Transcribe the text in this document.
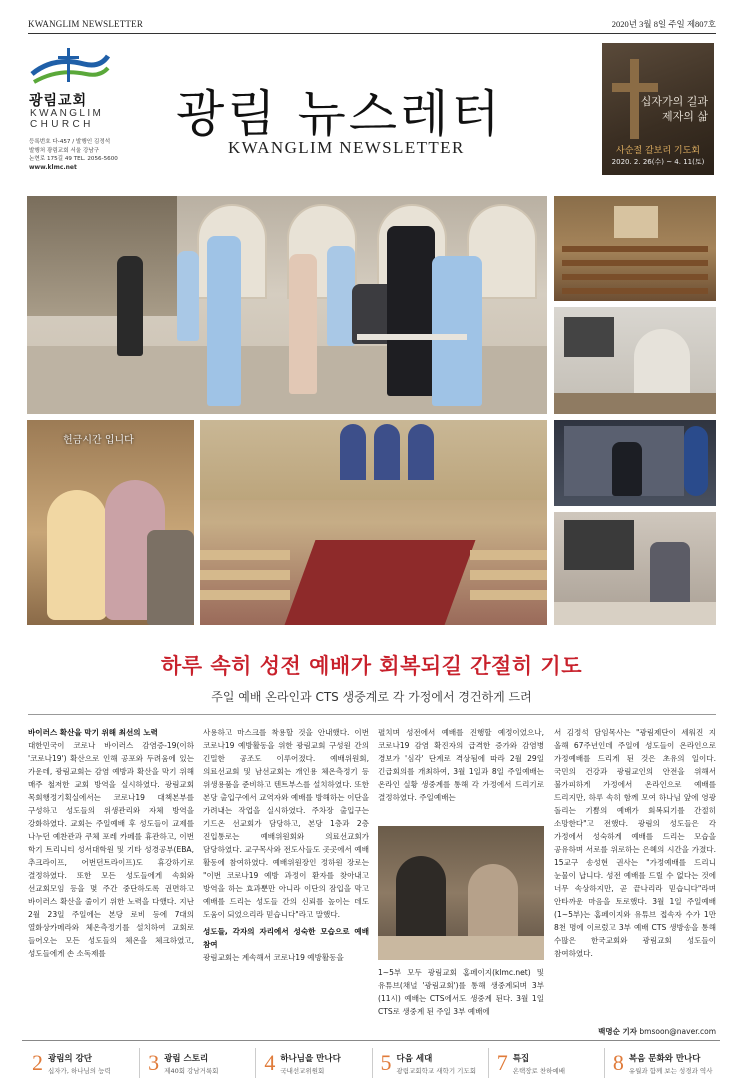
KWANGLIM NEWSLETTER	2020년 3월 8일 주일 제807호
광림교회
KWANGLIM
CHURCH
등록번호 다-457 / 발행인 김정석
발행처 광림교회 서울 강남구
논현로 175길 49 TEL. 2056-5600
www.klmc.net
광림 뉴스레터
KWANGLIM NEWSLETTER
십자가의 길과
제자의 삶
사순절 갈보리 기도회
2020. 2. 26(수) ~ 4. 11(토)
헌금시간 입니다
하루 속히 성전 예배가 회복되길 간절히 기도
주일 예배 온라인과 CTS 생중계로 각 가정에서 경건하게 드려

바이러스 확산을 막기 위해 최선의 노력

대한민국이 코로나 바이러스 감염증-19(이하 '코로나19') 확산으로 인해 공포와 두려움에 있는 가운데, 광림교회는 감염 예방과 확산을 막기 위해 매주 철저한 교회 방역을 실시하였다. 광림교회 목회행정기획실에서는 코로나19 대책본부를 구성하고 성도들의 위생관리와 자체 방역을 강화하였다. 교회는 주일예배 후 성도들이 교제를 나누던 예찬관과 쿠체 포레 카페를 휴관하고, 이번 학기 트리니티 성서대학원 및 기타 성경공부(EBA, 추크라이프, 어번던트라이프)도 휴강하기로 결정하였다. 또한 모든 성도들에게 속회와 선교회모임 등을 몇 주간 중단하도록 권면하고 바이러스 확산을 줄이기 위한 노력을 다했다. 지난 2월 23일 주일에는 본당 로비 등에 7대의 열화상카메라와 체온측정기를 설치하여 교회로 들어오는 모든 성도들의 체온을 체크하였고, 성도들에게 손 소독제를

사용하고 마스크를 착용할 것을 안내했다. 이번 코로나19 예방활동을 위한 광림교회 구성원 간의 긴밀한 공조도 이루어졌다. 예배위원회, 의료선교회 및 남선교회는 개인용 체온측정기 등 위생용품을 준비하고 텐트부스를 설치하였다. 또한 본당 출입구에서 교역자와 예배를 방해하는 이단을 가려내는 작업을 실시하였다. 주차장 출입구는 기드온 선교회가 담당하고, 본당 1층과 2층 진입통로는 예배위원회와 의료선교회가 담당하였다. 교구목사와 전도사들도 곳곳에서 예배 활동에 참여하였다. 예배위원장인 정하원 장로는 "이번 코로나19 예방 과정이 환자를 찾아내고 방역을 하는 효과뿐만 아니라 이단의 잠입을 막고 예배를 드리는 성도들 간의 신뢰를 높이는 데도 도움이 되었으리라 믿습니다"라고 말했다.

성도들, 각자의 자리에서 성숙한 모습으로 예배 참여

광림교회는 계속해서 코로나19 예방활동을

펼치며 성전에서 예배를 진행할 예정이었으나, 코로나19 감염 확진자의 급격한 증가와 감염병 경보가 '심각' 단계로 격상됨에 따라 2월 29일 긴급회의를 개최하여, 3월 1일과 8일 주일예배는 온라인 실황 생중계를 통해 각 가정에서 드리기로 결정하였다. 주일예배는

1~5부 모두 광림교회 홈페이지(klmc.net) 및 유튜브(채널 '광림교회')를 통해 생중계되며 3부(11시) 예배는 CTS에서도 생중계 된다. 3월 1일 CTS로 생중계 된 주일 3부 예배에

서 김정석 담임목사는 "광림제단이 세워진 지 올해 67주년인데 주일에 성도들이 온라인으로 가정예배를 드리게 된 것은 초유의 일이다. 국민의 건강과 광림교인의 안전을 위해서 불가피하게 가정에서 온라인으로 예배를 드리지만, 하루 속히 함께 모여 하나님 앞에 영광 돌리는 기쁨의 예배가 회복되기를 간절히 소망한다"고 전했다. 광림의 성도들은 각 가정에서 성숙하게 예배를 드리는 모습을 공유하며 서로를 위로하는 은혜의 시간을 가졌다. 15교구 송성현 권사는 "가정예배를 드리니 눈물이 납니다. 성전 예배를 드릴 수 없다는 것에 너무 속상하지만, 곧 끝나리라 믿습니다"라며 안타까운 마음을 토로했다. 3월 1일 주일예배(1~5부)는 홈페이지와 유튜브 접속자 수가 1만 8천 명에 이르렀고 3부 예배 CTS 생방송을 통해 수많은 한국교회와 광림교회 성도들이 참여하였다.

백명순 기자 bmsoon@naver.com
2 광림의 강단
십자가, 하나님의 능력 3 광림 스토리
제40회 강남거룩회 4 하나님을 만나다
국내선교위원회	5 다음 세대
광림교회학교 새학기 기도회 7 특집
온택장로 찬하예배 8 복음 문화와 만나다
유월과 함께 보는 성경과 역사
